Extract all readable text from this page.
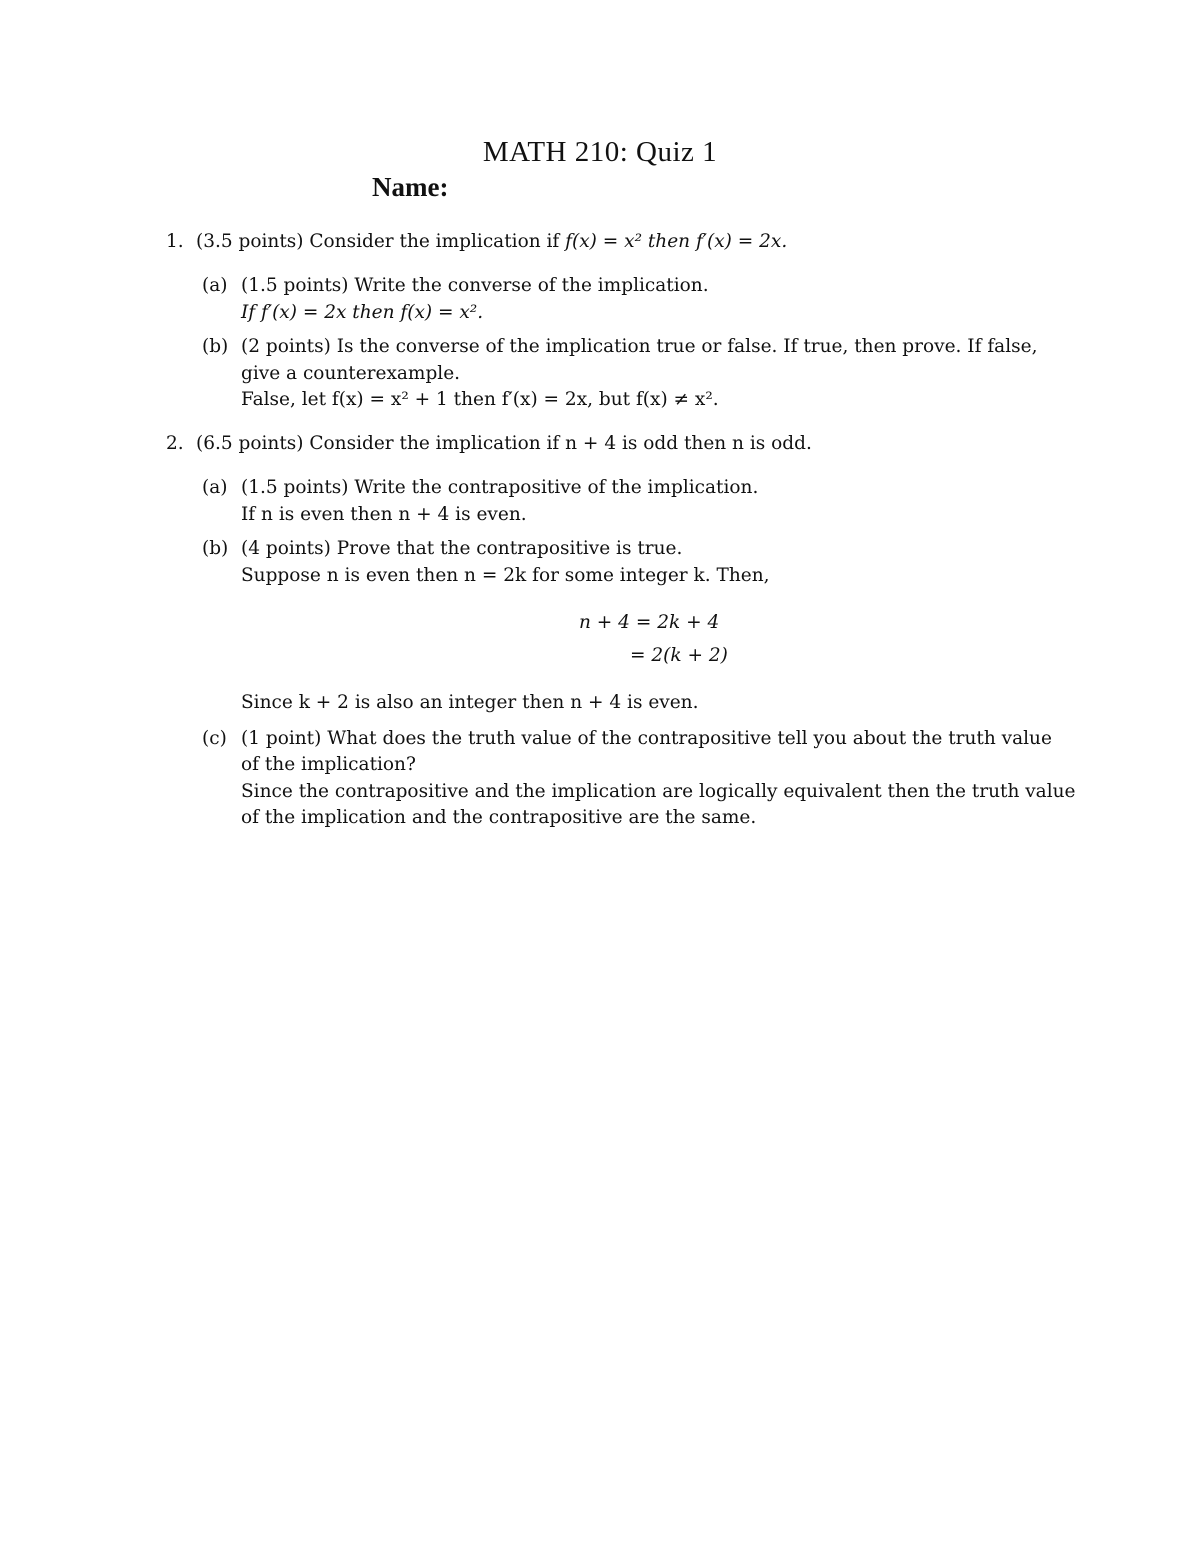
MATH 210: Quiz 1
Name:
1. (3.5 points) Consider the implication if f(x) = x² then f′(x) = 2x.
(a) (1.5 points) Write the converse of the implication.
If f′(x) = 2x then f(x) = x².
(b) (2 points) Is the converse of the implication true or false. If true, then prove. If false,
give a counterexample.
False, let f(x) = x² + 1 then f′(x) = 2x, but f(x) ≠ x².
2. (6.5 points) Consider the implication if n + 4 is odd then n is odd.
(a) (1.5 points) Write the contrapositive of the implication.
If n is even then n + 4 is even.
(b) (4 points) Prove that the contrapositive is true.
Suppose n is even then n = 2k for some integer k. Then,
n + 4 = 2k + 4
= 2(k + 2)
Since k + 2 is also an integer then n + 4 is even.
(c) (1 point) What does the truth value of the contrapositive tell you about the truth value
of the implication?
Since the contrapositive and the implication are logically equivalent then the truth value
of the implication and the contrapositive are the same.
